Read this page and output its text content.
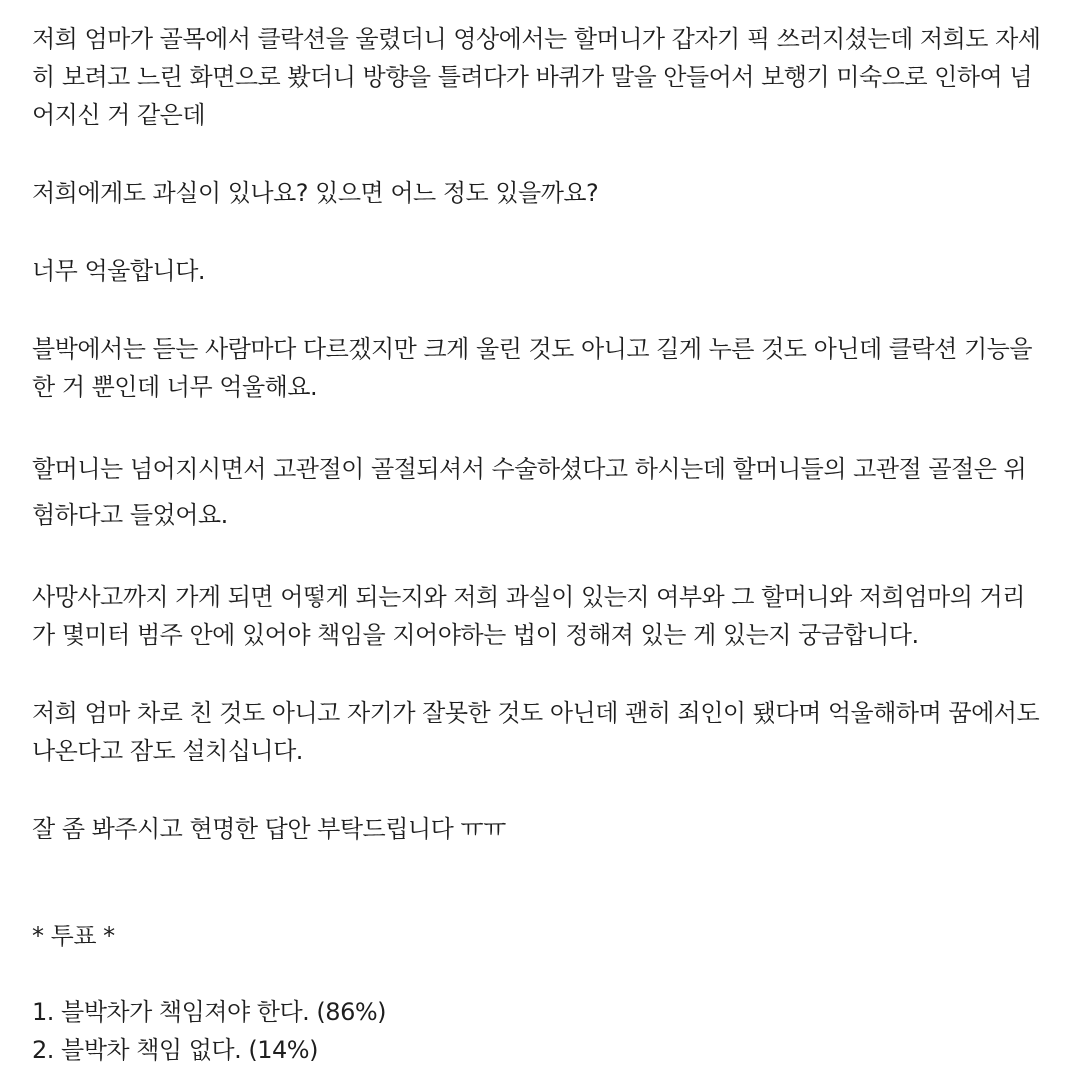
저희 엄마가 골목에서 클락션을 울렸더니 영상에서는 할머니가 갑자기 픽 쓰러지셨는데 저희도 자세히 보려고 느린 화면으로 봤더니 방향을 틀려다가 바퀴가 말을 안들어서 보행기 미숙으로 인하여 넘어지신 거 같은데

저희에게도 과실이 있나요? 있으면 어느 정도 있을까요?

너무 억울합니다.

블박에서는 듣는 사람마다 다르겠지만 크게 울린 것도 아니고 길게 누른 것도 아닌데 클락션 기능을 한 거 뿐인데 너무 억울해요.

할머니는 넘어지시면서 고관절이 골절되셔서 수술하셨다고 하시는데 할머니들의 고관절 골절은 위험하다고 들었어요.

사망사고까지 가게 되면 어떻게 되는지와 저희 과실이 있는지 여부와 그 할머니와 저희엄마의 거리가 몇미터 범주 안에 있어야 책임을 지어야하는 법이 정해져 있는 게 있는지 궁금합니다.

저희 엄마 차로 친 것도 아니고 자기가 잘못한 것도 아닌데 괜히 죄인이 됐다며 억울해하며 꿈에서도 나온다고 잠도 설치십니다.

잘 좀 봐주시고 현명한 답안 부탁드립니다 ㅠㅠ

* 투표 *
1. 블박차가 책임져야 한다. ( 86% )
2. 블박차 책임 없다. ( 14% )
